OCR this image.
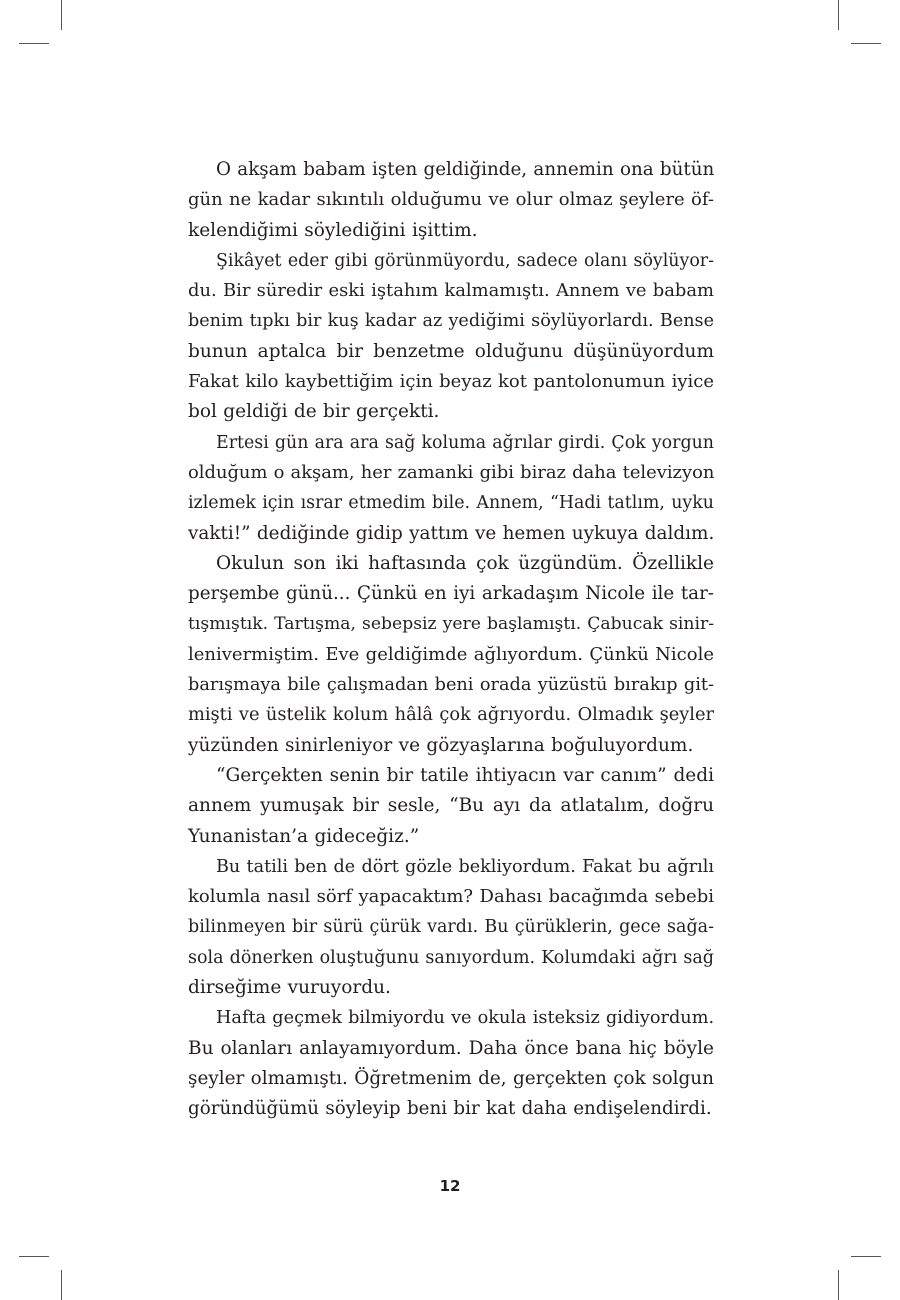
O akşam babam işten geldiğinde, annemin ona bütün
gün ne kadar sıkıntılı olduğumu ve olur olmaz şeylere öf-
kelendiğimi söylediğini işittim.

Şikâyet eder gibi görünmüyordu, sadece olanı söylüyor-
du. Bir süredir eski iştahım kalmamıştı. Annem ve babam
benim tıpkı bir kuş kadar az yediğimi söylüyorlardı. Bense
bunun aptalca bir benzetme olduğunu düşünüyordum
Fakat kilo kaybettiğim için beyaz kot pantolonumun iyice
bol geldiği de bir gerçekti.

Ertesi gün ara ara sağ koluma ağrılar girdi. Çok yorgun
olduğum o akşam, her zamanki gibi biraz daha televizyon
izlemek için ısrar etmedim bile. Annem, “Hadi tatlım, uyku
vakti!” dediğinde gidip yattım ve hemen uykuya daldım.

Okulun son iki haftasında çok üzgündüm. Özellikle
perşembe günü... Çünkü en iyi arkadaşım Nicole ile tar-
tışmıştık. Tartışma, sebepsiz yere başlamıştı. Çabucak sinir-
lenivermiştim. Eve geldiğimde ağlıyordum. Çünkü Nicole
barışmaya bile çalışmadan beni orada yüzüstü bırakıp git-
mişti ve üstelik kolum hâlâ çok ağrıyordu. Olmadık şeyler
yüzünden sinirleniyor ve gözyaşlarına boğuluyordum.

“Gerçekten senin bir tatile ihtiyacın var canım” dedi
annem yumuşak bir sesle, “Bu ayı da atlatalım, doğru
Yunanistan’a gideceğiz.”

Bu tatili ben de dört gözle bekliyordum. Fakat bu ağrılı
kolumla nasıl sörf yapacaktım? Dahası bacağımda sebebi
bilinmeyen bir sürü çürük vardı. Bu çürüklerin, gece sağa-
sola dönerken oluştuğunu sanıyordum. Kolumdaki ağrı sağ
dirseğime vuruyordu.

Hafta geçmek bilmiyordu ve okula isteksiz gidiyordum.
Bu olanları anlayamıyordum. Daha önce bana hiç böyle
şeyler olmamıştı. Öğretmenim de, gerçekten çok solgun
göründüğümü söyleyip beni bir kat daha endişelendirdi.

12
